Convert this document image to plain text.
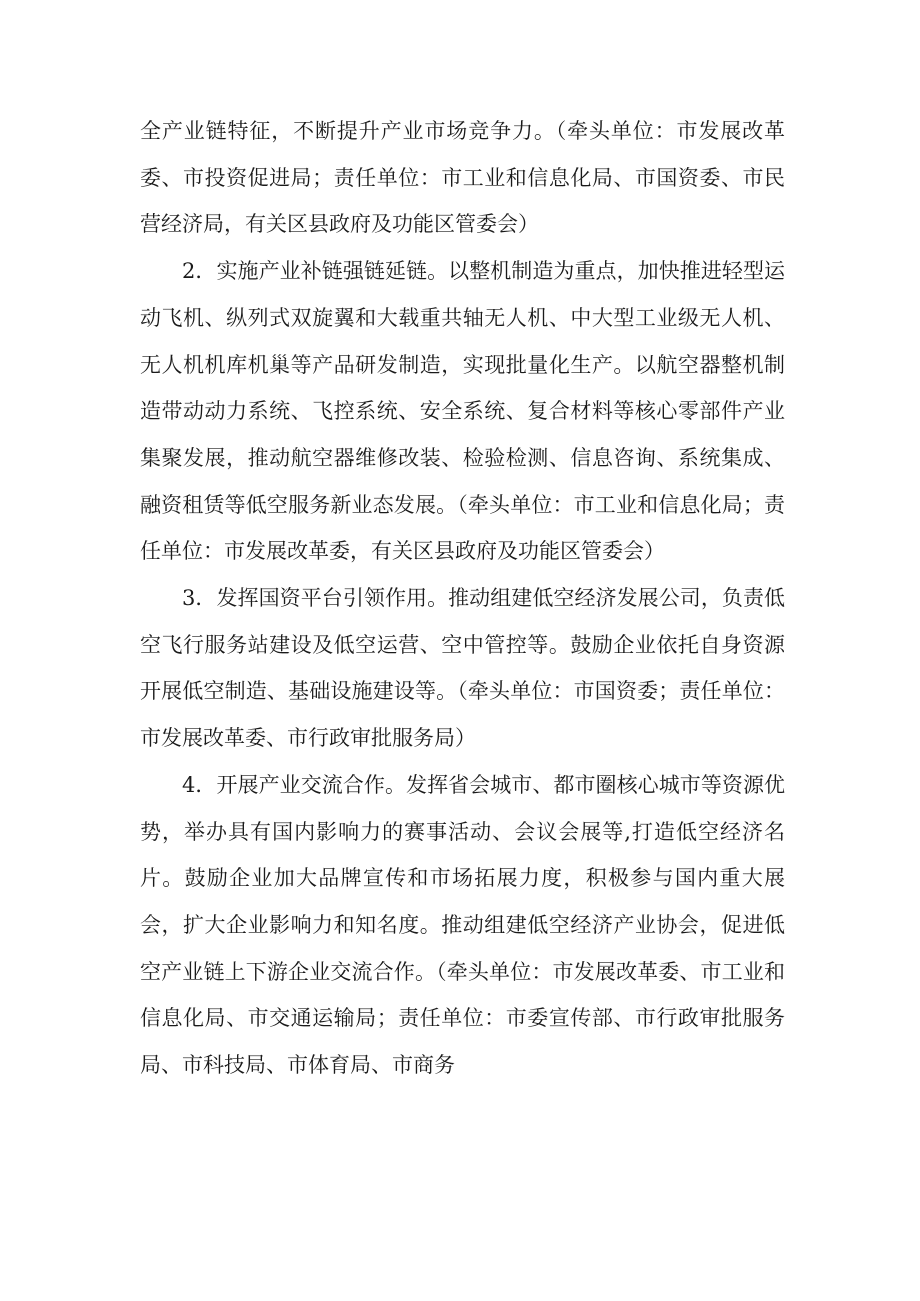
全产业链特征，不断提升产业市场竞争力。（牵头单位：市发展改革委、市投资促进局；责任单位：市工业和信息化局、市国资委、市民营经济局，有关区县政府及功能区管委会）

2．实施产业补链强链延链。以整机制造为重点，加快推进轻型运动飞机、纵列式双旋翼和大载重共轴无人机、中大型工业级无人机、无人机机库机巢等产品研发制造，实现批量化生产。以航空器整机制造带动动力系统、飞控系统、安全系统、复合材料等核心零部件产业集聚发展，推动航空器维修改装、检验检测、信息咨询、系统集成、融资租赁等低空服务新业态发展。（牵头单位：市工业和信息化局；责任单位：市发展改革委，有关区县政府及功能区管委会）

3．发挥国资平台引领作用。推动组建低空经济发展公司，负责低空飞行服务站建设及低空运营、空中管控等。鼓励企业依托自身资源开展低空制造、基础设施建设等。（牵头单位：市国资委；责任单位：市发展改革委、市行政审批服务局）

4．开展产业交流合作。发挥省会城市、都市圈核心城市等资源优势，举办具有国内影响力的赛事活动、会议会展等,打造低空经济名片。鼓励企业加大品牌宣传和市场拓展力度，积极参与国内重大展会，扩大企业影响力和知名度。推动组建低空经济产业协会，促进低空产业链上下游企业交流合作。（牵头单位：市发展改革委、市工业和信息化局、市交通运输局；责任单位：市委宣传部、市行政审批服务局、市科技局、市体育局、市商务
